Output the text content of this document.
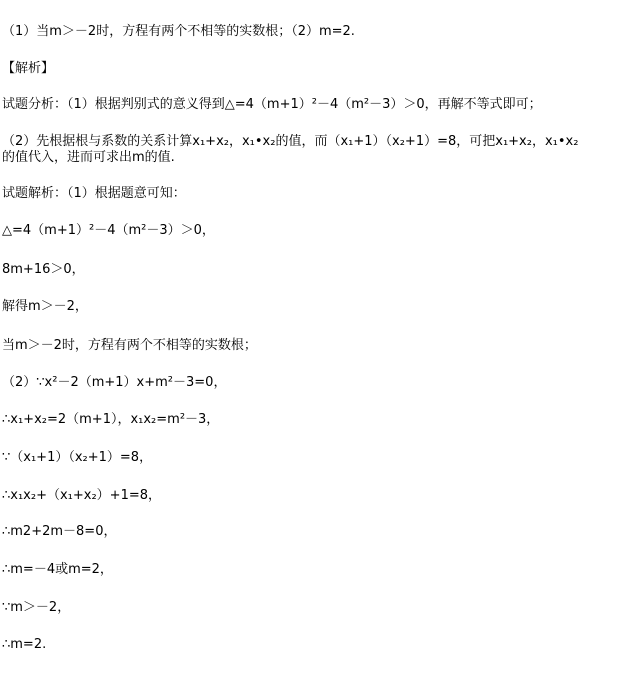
（1）当m＞－2时，方程有两个不相等的实数根；（2）m=2.
【解析】
试题分析：（1）根据判别式的意义得到△=4（m+1）²－4（m²－3）＞0，再解不等式即可；
（2）先根据根与系数的关系计算x₁+x₂，x₁•x₂的值，而（x₁+1）（x₂+1）=8，可把x₁+x₂，x₁•x₂
的值代入，进而可求出m的值.
试题解析：（1）根据题意可知：
△=4（m+1）²－4（m²－3）＞0，
8m+16＞0，
解得m＞－2，
当m＞－2时，方程有两个不相等的实数根；
（2）∵x²－2（m+1）x+m²－3=0，
∴x₁+x₂=2（m+1），x₁x₂=m²－3，
∵（x₁+1）（x₂+1）=8，
∴x₁x₂+（x₁+x₂）+1=8，
∴m2+2m－8=0，
∴m=－4或m=2，
∵m＞－2，
∴m=2.
